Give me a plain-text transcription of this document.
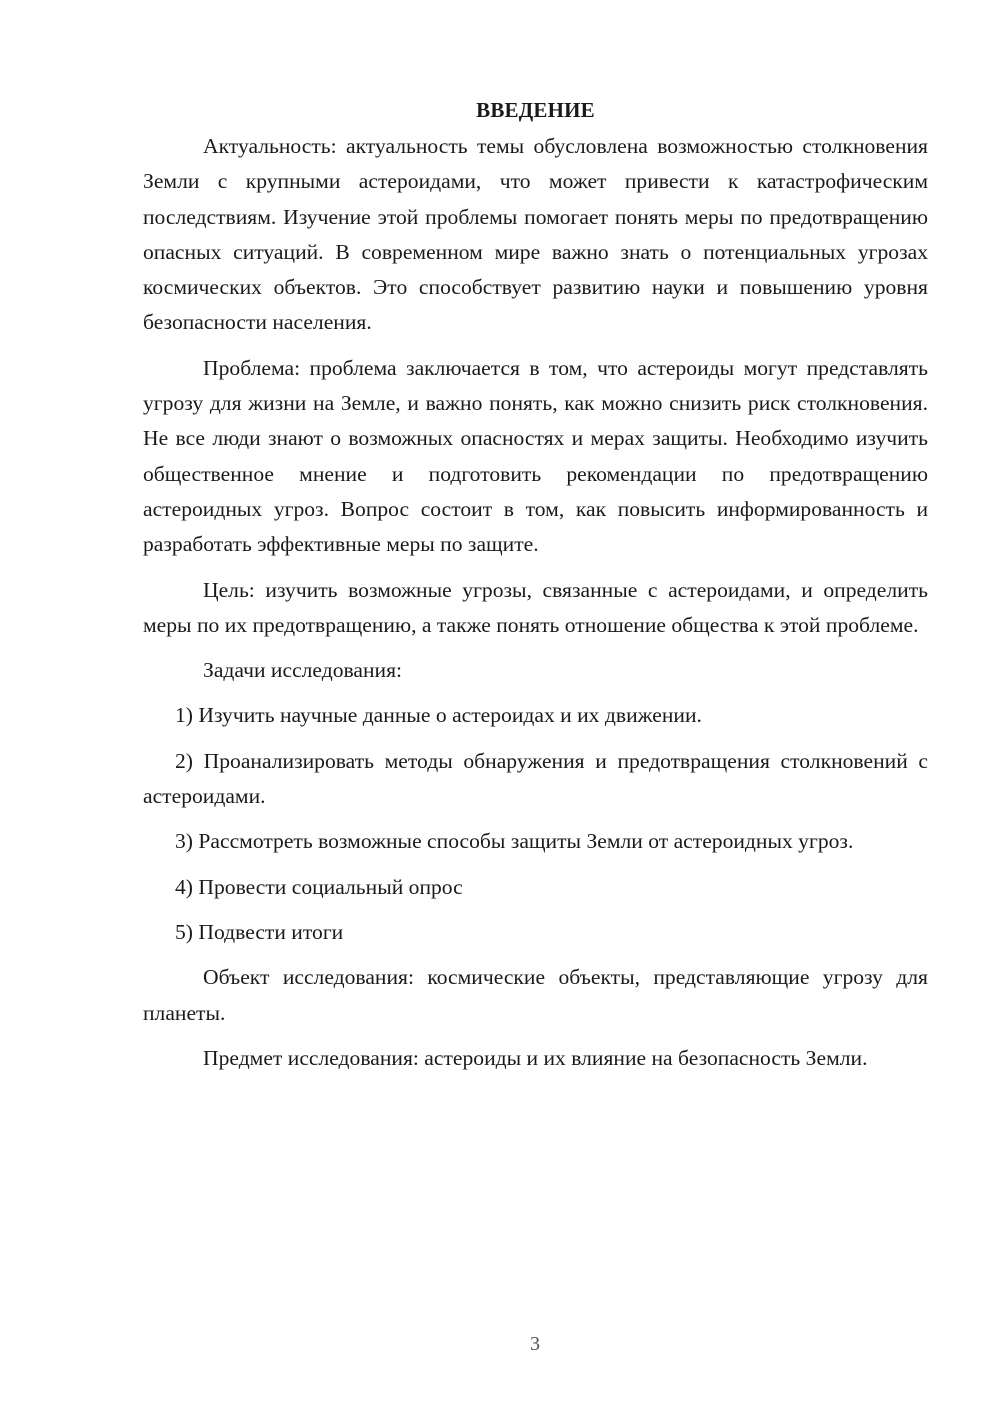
ВВЕДЕНИЕ

Актуальность: актуальность темы обусловлена возможностью столкновения Земли с крупными астероидами, что может привести к катастрофическим последствиям. Изучение этой проблемы помогает понять меры по предотвращению опасных ситуаций. В современном мире важно знать о потенциальных угрозах космических объектов. Это способствует развитию науки и повышению уровня безопасности населения.

Проблема: проблема заключается в том, что астероиды могут представлять угрозу для жизни на Земле, и важно понять, как можно снизить риск столкновения. Не все люди знают о возможных опасностях и мерах защиты. Необходимо изучить общественное мнение и подготовить рекомендации по предотвращению астероидных угроз. Вопрос состоит в том, как повысить информированность и разработать эффективные меры по защите.

Цель: изучить возможные угрозы, связанные с астероидами, и определить меры по их предотвращению, а также понять отношение общества к этой проблеме.

Задачи исследования:

1) Изучить научные данные о астероидах и их движении.

2) Проанализировать методы обнаружения и предотвращения столкновений с астероидами.

3) Рассмотреть возможные способы защиты Земли от астероидных угроз.

4) Провести социальный опрос

5) Подвести итоги

Объект исследования: космические объекты, представляющие угрозу для планеты.

Предмет исследования: астероиды и их влияние на безопасность Земли.

3
